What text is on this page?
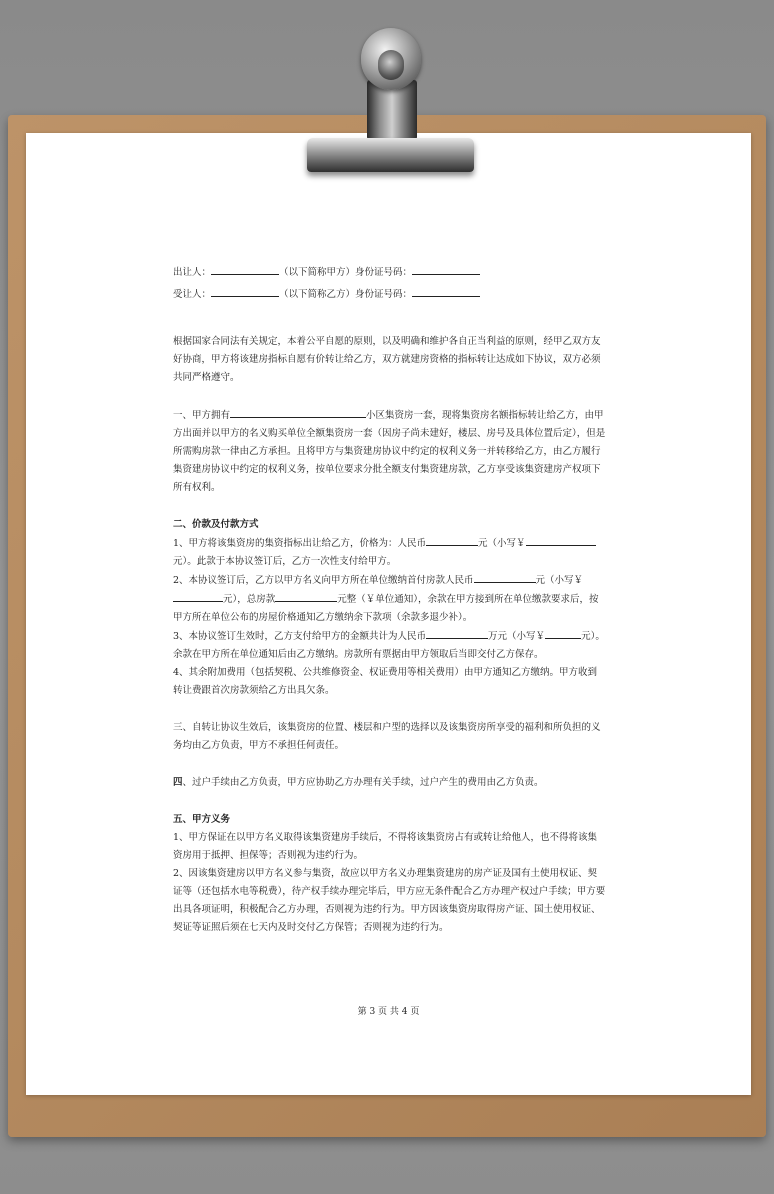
出让人：	（以下简称甲方）身份证号码：

受让人：	（以下简称乙方）身份证号码：

根据国家合同法有关规定，本着公平自愿的原则，以及明确和维护各自正当利益的原则，经甲乙双方友好协商，甲方将该建房指标自愿有价转让给乙方，双方就建房资格的指标转让达成如下协议，双方必须共同严格遵守。

一、甲方拥有	小区集资房一套，现将集资房名额指标转让给乙方，由甲方出面并以甲方的名义购买单位全额集资房一套（因房子尚未建好，楼层、房号及具体位置后定），但是所需购房款一律由乙方承担。且将甲方与集资建房协议中约定的权利义务一并转移给乙方，由乙方履行集资建房协议中约定的权利义务，按单位要求分批全额支付集资建房款，乙方享受该集资建房产权项下所有权利。

二、价款及付款方式

1、甲方将该集资房的集资指标出让给乙方，价格为：人民币	元（小写￥元）。此款于本协议签订后，乙方一次性支付给甲方。

2、本协议签订后，乙方以甲方名义向甲方所在单位缴纳首付房款人民币	元（小写￥元），总房款	元整（￥单位通知），余款在甲方接到所在单位缴款要求后，按甲方所在单位公布的房屋价格通知乙方缴纳余下款项（余款多退少补）。

3、本协议签订生效时，乙方支付给甲方的金额共计为人民币	万元（小写￥	元）。余款在甲方所在单位通知后由乙方缴纳。房款所有票据由甲方领取后当即交付乙方保存。

4、其余附加费用（包括契税、公共维修资金、权证费用等相关费用）由甲方通知乙方缴纳。甲方收到转让费跟首次房款须给乙方出具欠条。

三、自转让协议生效后，该集资房的位置、楼层和户型的选择以及该集资房所享受的福利和所负担的义务均由乙方负责，甲方不承担任何责任。

四、过户手续由乙方负责，甲方应协助乙方办理有关手续，过户产生的费用由乙方负责。

五、甲方义务

1、甲方保证在以甲方名义取得该集资建房手续后，不得将该集资房占有或转让给他人，也不得将该集资房用于抵押、担保等；否则视为违约行为。

2、因该集资建房以甲方名义参与集资，故应以甲方名义办理集资建房的房产证及国有土使用权证、契证等（还包括水电等税费），待产权手续办理完毕后，甲方应无条件配合乙方办理产权过户手续；甲方要出具各项证明，积极配合乙方办理，否则视为违约行为。甲方因该集资房取得房产证、国土使用权证、契证等证照后须在七天内及时交付乙方保管；否则视为违约行为。

第 3 页 共 4 页
